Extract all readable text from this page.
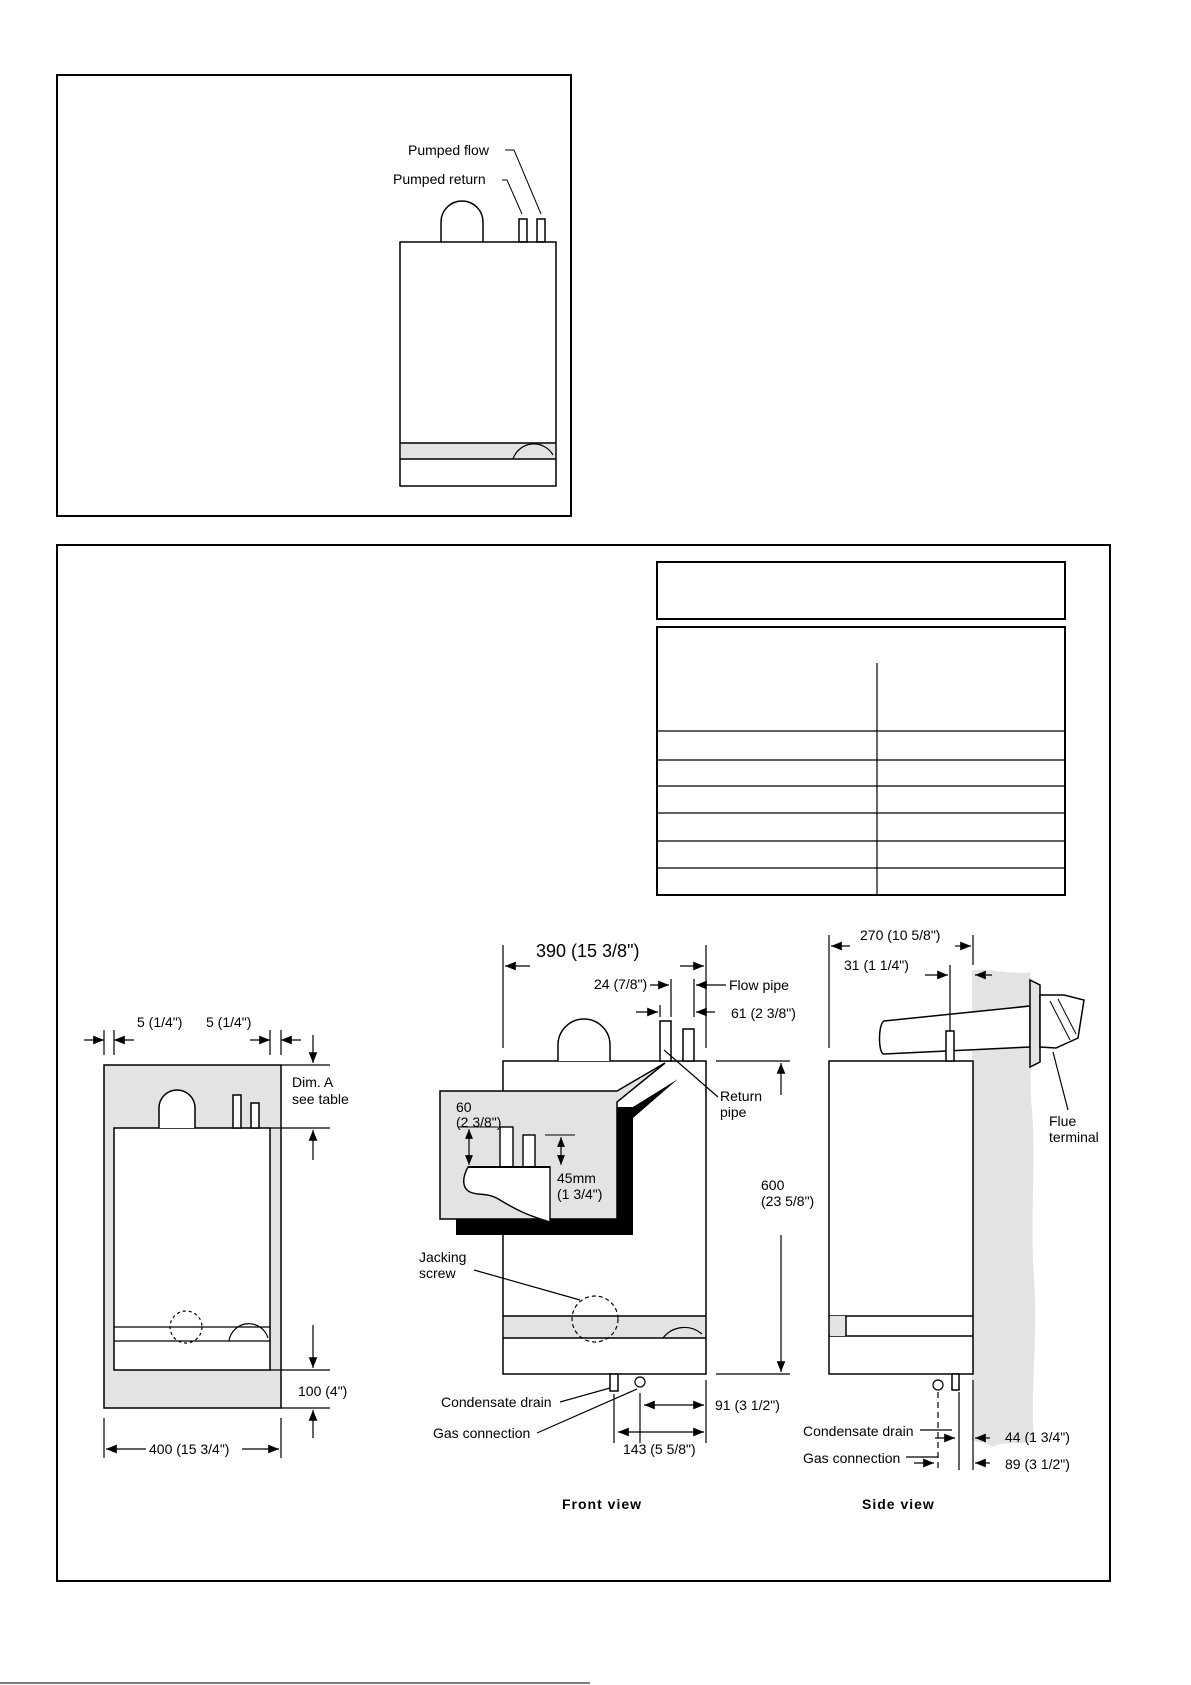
Pumped flow
Pumped return
5 (1/4") 5 (1/4")
Dim. A
see table
100 (4")
400 (15 3/4")
60
(2 3/8")
45mm
(1 3/4")
390 (15 3/8")
24 (7/8")	Flow pipe
61 (2 3/8")
Return
pipe
600
(23 5/8")
Jacking
screw
Condensate drain
Gas connection
91 (3 1/2")
143 (5 5/8")
Front view
270 (10 5/8")
31 (1 1/4")
Flue
terminal
Condensate drain
Gas connection
44 (1 3/4")
89 (3 1/2")
Side view
